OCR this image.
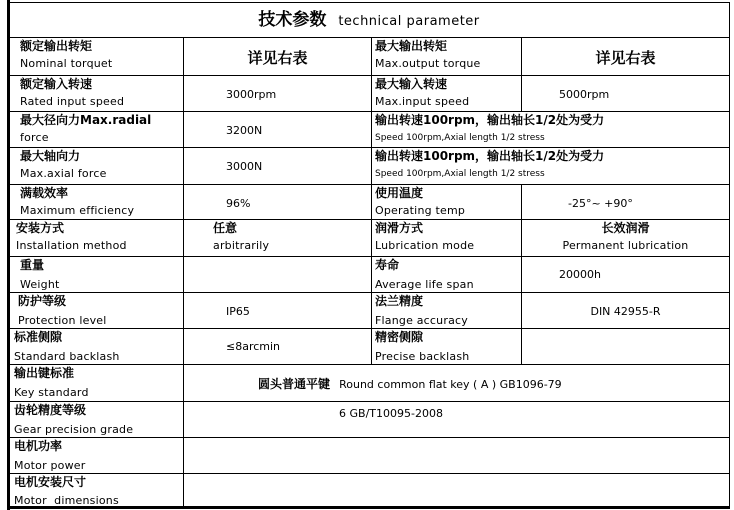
技术参数 technical parameter
额定输出转矩
Nominal torquet	详见右表
最大输出转矩
Max.output torque	详见右表
额定输入转速
Rated input speed
3000rpm
最大输入转速
Max.input speed
5000rpm
最大径向力Max.radial
force
3200N
输出转速100rpm，输出轴长1/2处为受力
Speed 100rpm,Axial length 1/2 stress
最大轴向力
Max.axial force
3000N
输出转速100rpm，输出轴长1/2处为受力
Speed 100rpm,Axial length 1/2 stress
满载效率
Maximum efficiency
96%
使用温度
Operating temp
-25°~ +90°
安装方式
Installation method
任意
arbitrarily
润滑方式
Lubrication mode
长效润滑
Permanent lubrication
重量
Weight
寿命
Average life span
20000h
防护等级
Protection level
IP65
法兰精度
Flange accuracy
DIN 42955-R
标准侧隙
Standard backlash
≤8arcmin
精密侧隙
Precise backlash
输出键标准
Key standard
圆头普通平键 Round common flat key ( A ) GB1096-79
齿轮精度等级
Gear precision grade
6 GB/T10095-2008
电机功率
Motor power
电机安装尺寸
Motor  dimensions
